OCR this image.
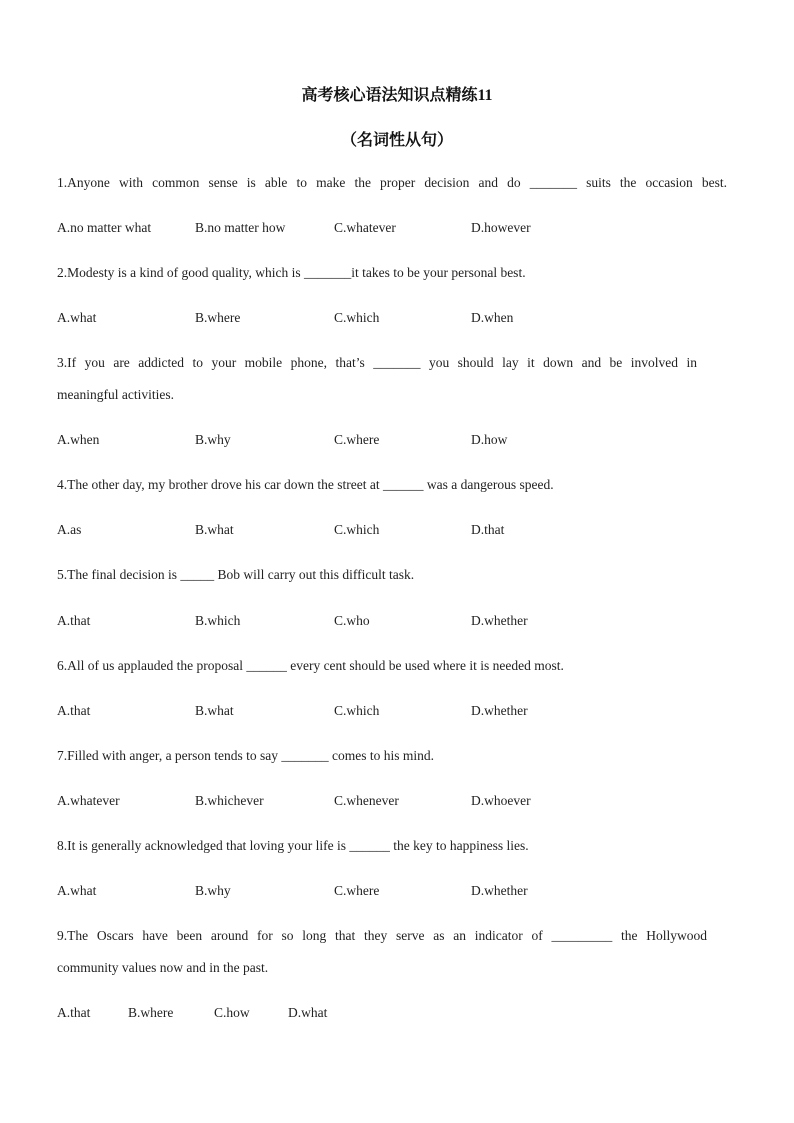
高考核心语法知识点精练11
（名词性从句）
1.Anyone with common sense is able to make the proper decision and do _______ suits the occasion best.
A.no matter what	B.no matter how	C.whatever	D.however
2.Modesty is a kind of good quality, which is _______it takes to be your personal best.
A.what	B.where	C.which	D.when
3.If you are addicted to your mobile phone, that’s _______ you should lay it down and be involved in
meaningful activities.
A.when	B.why	C.where	D.how
4.The other day, my brother drove his car down the street at ______ was a dangerous speed.
A.as	B.what	C.which	D.that
5.The final decision is _____ Bob will carry out this difficult task.
A.that	B.which	C.who	D.whether
6.All of us applauded the proposal ______ every cent should be used where it is needed most.
A.that	B.what	C.which	D.whether
7.Filled with anger, a person tends to say _______ comes to his mind.
A.whatever	B.whichever	C.whenever	D.whoever
8.It is generally acknowledged that loving your life is ______ the key to happiness lies.
A.what	B.why	C.where	D.whether
9.The Oscars have been around for so long that they serve as an indicator of _________ the Hollywood
community values now and in the past.
A.that	B.where	C.how	D.what
